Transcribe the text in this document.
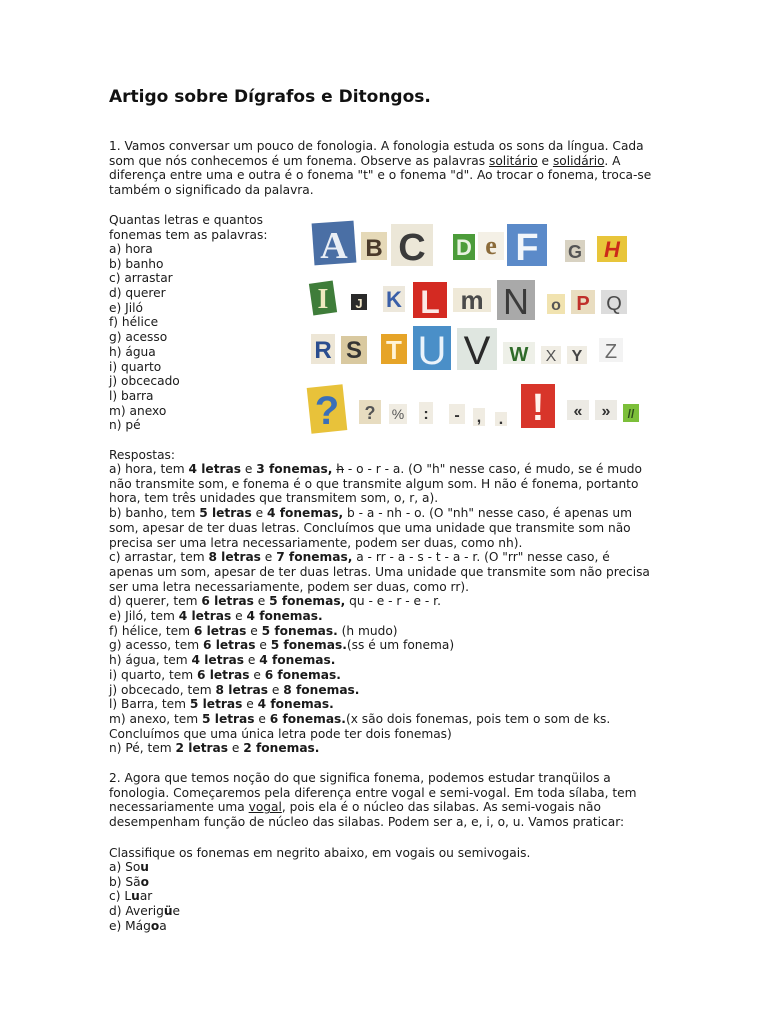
Artigo sobre Dígrafos e Ditongos.

1. Vamos conversar um pouco de fonologia. A fonologia estuda os sons da língua. Cada som que nós conhecemos é um fonema. Observe as palavras solitário e solidário. A diferença entre uma e outra é o fonema "t" e o fonema "d". Ao trocar o fonema, troca-se também o significado da palavra.

Quantas letras e quantos fonemas tem as palavras:

a) hora
b) banho
c) arrastar
d) querer
e) Jiló
f) hélice
g) acesso
h) água
i) quarto
j) obcecado
l) barra
m) anexo
n) pé
A B C D e F G H
I J K L m N o P Q
R S T U V W X Y Z
? ? % : - , . ! « » //

Respostas:

a) hora, tem 4 letras e 3 fonemas, h - o - r - a. (O "h" nesse caso, é mudo, se é mudo não transmite som, e fonema é o que transmite algum som. H não é fonema, portanto hora, tem três unidades que transmitem som, o, r, a).
b) banho, tem 5 letras e 4 fonemas, b - a - nh - o. (O "nh" nesse caso, é apenas um som, apesar de ter duas letras. Concluímos que uma unidade que transmite som não precisa ser uma letra necessariamente, podem ser duas, como nh).
c) arrastar, tem 8 letras e 7 fonemas, a - rr - a - s - t - a - r. (O "rr" nesse caso, é apenas um som, apesar de ter duas letras. Uma unidade que transmite som não precisa ser uma letra necessariamente, podem ser duas, como rr).
d) querer, tem 6 letras e 5 fonemas, qu - e - r - e - r.
e) Jiló, tem 4 letras e 4 fonemas.
f) hélice, tem 6 letras e 5 fonemas. (h mudo)
g) acesso, tem 6 letras e 5 fonemas.(ss é um fonema)
h) água, tem 4 letras e 4 fonemas.
i) quarto, tem 6 letras e 6 fonemas.
j) obcecado, tem 8 letras e 8 fonemas.
l) Barra, tem 5 letras e 4 fonemas.
m) anexo, tem 5 letras e 6 fonemas.(x são dois fonemas, pois tem o som de ks. Concluímos que uma única letra pode ter dois fonemas)
n) Pé, tem 2 letras e 2 fonemas.

2. Agora que temos noção do que significa fonema, podemos estudar tranqüilos a fonologia. Começaremos pela diferença entre vogal e semi-vogal. Em toda sílaba, tem necessariamente uma vogal, pois ela é o núcleo das silabas. As semi-vogais não desempenham função de núcleo das silabas. Podem ser a, e, i, o, u. Vamos praticar:

Classifique os fonemas em negrito abaixo, em vogais ou semivogais.

a) Sou
b) São
c) Luar
d) Averigüe
e) Mágoa
